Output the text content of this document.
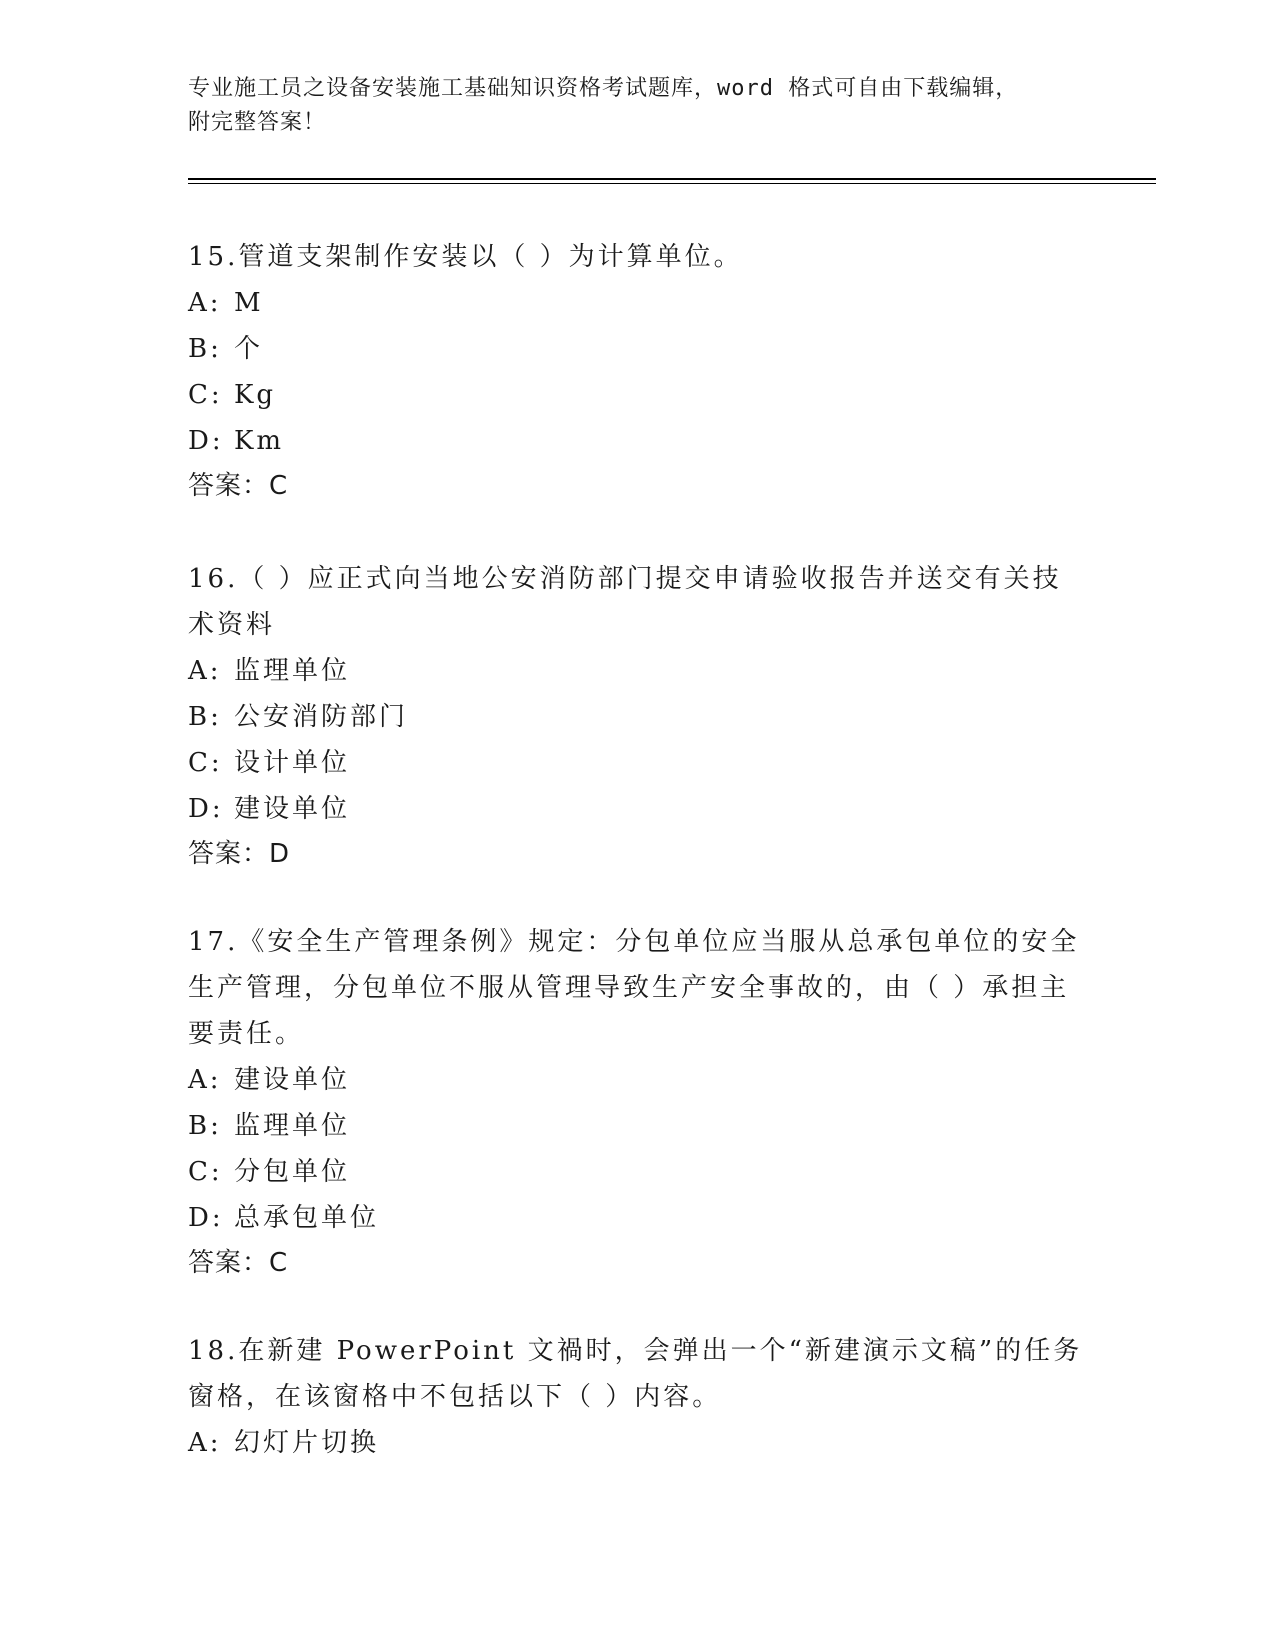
专业施工员之设备安装施工基础知识资格考试题库，word 格式可自由下载编辑，
附完整答案！

15.管道支架制作安装以（ ）为计算单位。

A: M
B: 个
C: Kg
D: Km
答案：C

16.（ ）应正式向当地公安消防部门提交申请验收报告并送交有关技术资料

A: 监理单位
B: 公安消防部门
C: 设计单位
D: 建设单位
答案：D

17.《安全生产管理条例》规定：分包单位应当服从总承包单位的安全生产管理，分包单位不服从管理导致生产安全事故的，由（ ）承担主要责任。

A: 建设单位
B: 监理单位
C: 分包单位
D: 总承包单位
答案：C

18.在新建 PowerPoint 文禍时，会弹出一个“新建演示文稿”的任务窗格，在该窗格中不包括以下（ ）内容。

A: 幻灯片切换
